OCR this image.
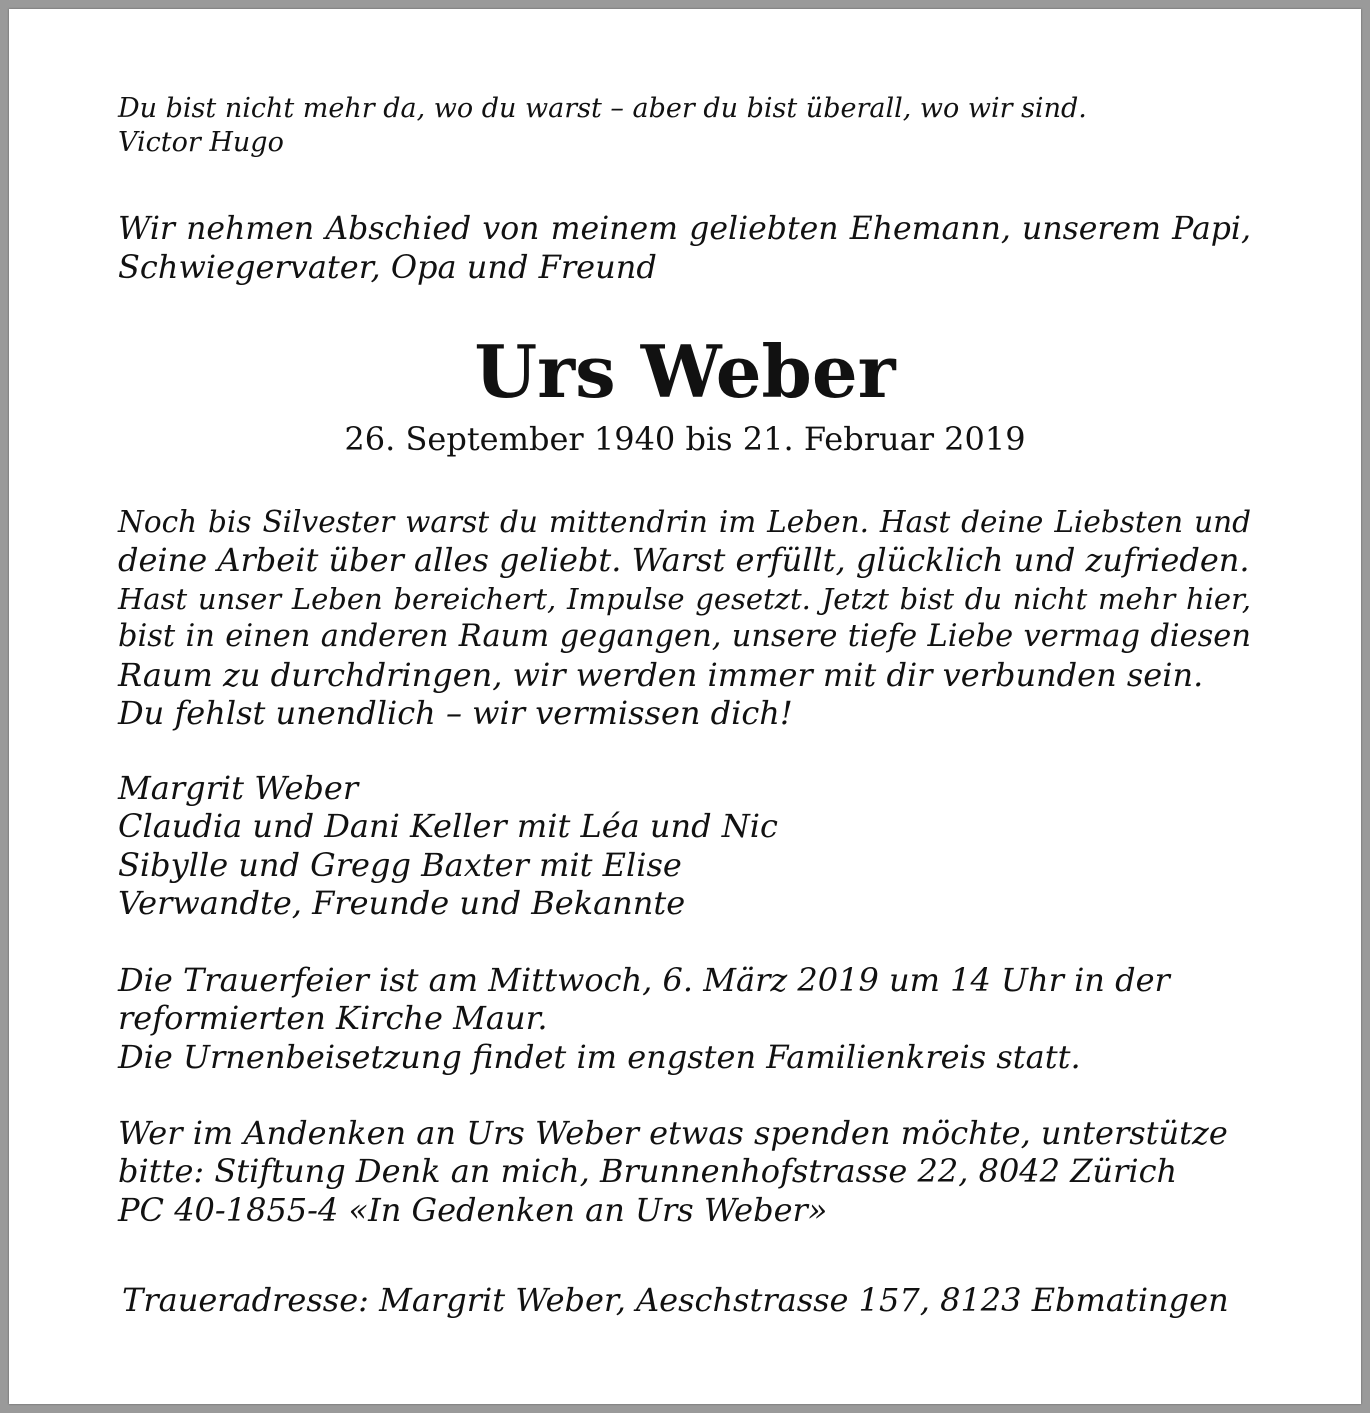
Du bist nicht mehr da, wo du warst – aber du bist überall, wo wir sind.
Victor Hugo
Wir nehmen Abschied von meinem geliebten Ehemann, unserem Papi,
Schwiegervater, Opa und Freund
Urs Weber
26. September 1940 bis 21. Februar 2019
Noch bis Silvester warst du mittendrin im Leben. Hast deine Liebsten und
deine Arbeit über alles geliebt. Warst erfüllt, glücklich und zufrieden.
Hast unser Leben bereichert, Impulse gesetzt. Jetzt bist du nicht mehr hier,
bist in einen anderen Raum gegangen, unsere tiefe Liebe vermag diesen
Raum zu durchdringen, wir werden immer mit dir verbunden sein.
Du fehlst unendlich – wir vermissen dich!
Margrit Weber
Claudia und Dani Keller mit Léa und Nic
Sibylle und Gregg Baxter mit Elise
Verwandte, Freunde und Bekannte
Die Trauerfeier ist am Mittwoch, 6. März 2019 um 14 Uhr in der
reformierten Kirche Maur.
Die Urnenbeisetzung findet im engsten Familienkreis statt.
Wer im Andenken an Urs Weber etwas spenden möchte, unterstütze
bitte: Stiftung Denk an mich, Brunnenhofstrasse 22, 8042 Zürich
PC 40-1855-4 «In Gedenken an Urs Weber»
Traueradresse: Margrit Weber, Aeschstrasse 157, 8123 Ebmatingen
